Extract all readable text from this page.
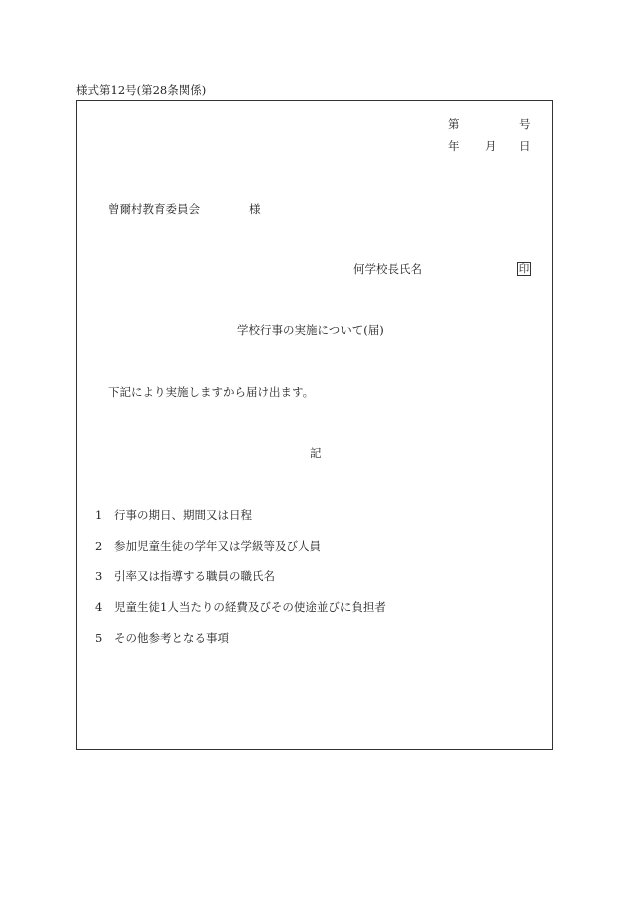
様式第12号(第28条関係)
第	号
年 月 日
曾爾村教育委員会	様
何学校長氏名	印
学校行事の実施について(届)
下記により実施しますから届け出ます。
記
1 行事の期日、期間又は日程
2 参加児童生徒の学年又は学級等及び人員
3 引率又は指導する職員の職氏名
4 児童生徒1人当たりの経費及びその使途並びに負担者
5 その他参考となる事項
